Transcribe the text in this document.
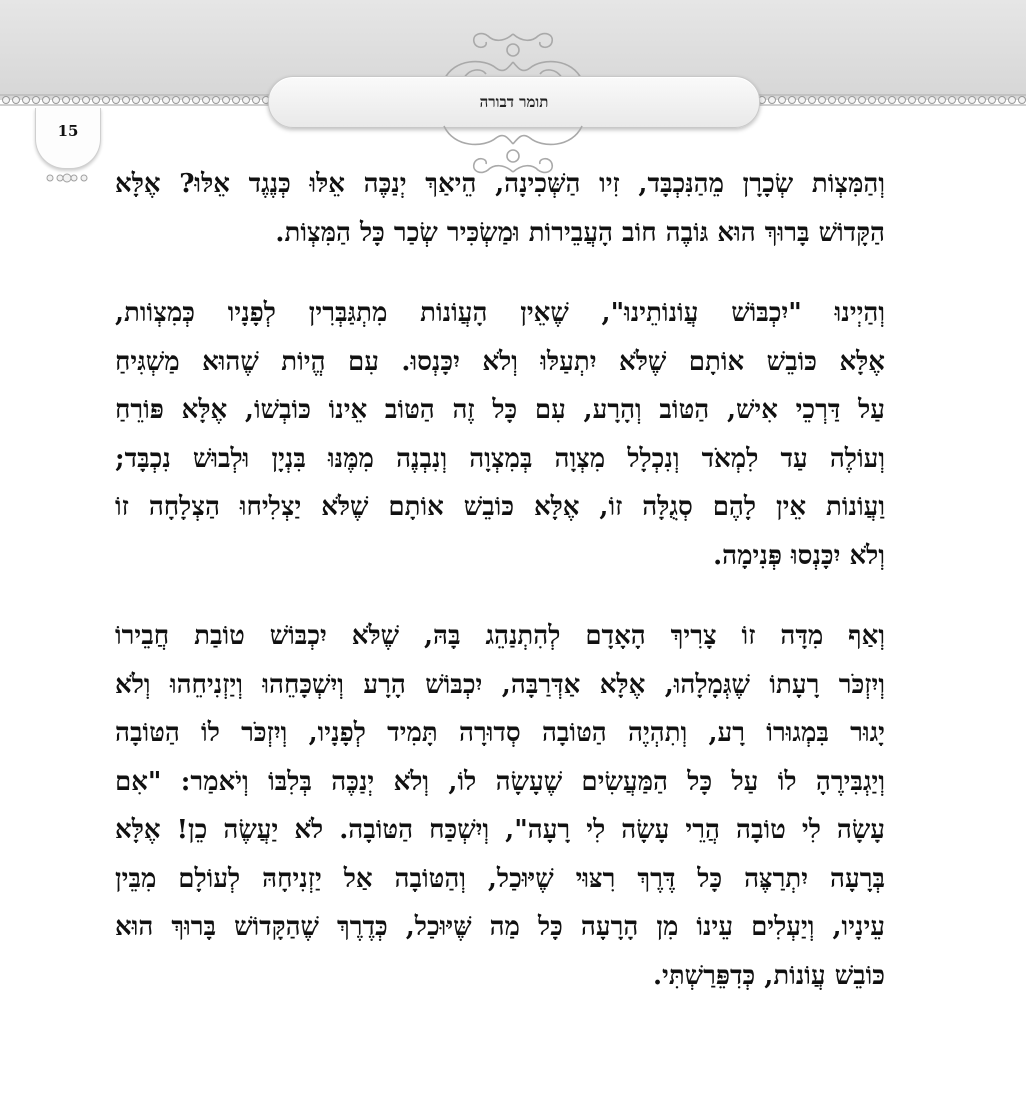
תומר דבורה
15

וְהַמִּצְוֹת שְׂכָרָן מֵהַנִּכְבָּד, זִיו הַשְּׁכִינָה, הֵיאַךְ יְנַכֶּה אֵלּוּ כְּנֶגֶד אֵלּוּ? אֶלָּא
הַקָּדוֹשׁ בָּרוּךְ הוּא גּוֹבֶה חוֹב הָעֲבֵירוֹת וּמַשְׂכִּיר שְׂכַר כָּל הַמִּצְוֹת.

וְהַיְינוּ "יִכְבּוֹשׁ עֲוֹנוֹתֵינוּ", שֶׁאֵין הָעֲוֹנוֹת מִתְגַּבְּרִין לְפָנָיו כְּמִצְוֹות,
אֶלָּא כּוֹבֵשׁ אוֹתָם שֶׁלֹּא יִתְעַלּוּ וְלֹא יִכָּנְסוּ. עִם הֱיוֹת שֶׁהוּא מַשְׁגִּיחַ
עַל דַּרְכֵי אִישׁ, הַטּוֹב וְהָרָע, עִם כָּל זֶה הַטּוֹב אֵינוֹ כּוֹבְשׁוֹ, אֶלָּא פּוֹרֵחַ
וְעוֹלֶה עַד לִמְאֹד וְנִכְלָל מִצְוָה בְּמִצְוָה וְנִבְנֶה מִמֶּנּוּ בִּנְיָן וּלְבוּשׁ נִכְבָּד;
וַעֲוֹנוֹת אֵין לָהֶם סְגֻלָּה זוֹ, אֶלָּא כּוֹבֵשׁ אוֹתָם שֶׁלֹּא יַצְלִיחוּ הַצְלָחָה זוֹ
וְלֹא יִכָּנְסוּ פְּנִימָה.

וְאַף מִדָּה זוֹ צָרִיךְ הָאָדָם לְהִתְנַהֵג בָּהּ, שֶׁלֹּא יִכְבּוֹשׁ טוֹבַת חֲבֵירוֹ
וְיִזְכֹּר רָעָתוֹ שֶׁגְּמָלָהוּ, אֶלָּא אַדְּרַבָּה, יִכְבּוֹשׁ הָרָע וְיִשְׁכָּחֵהוּ וְיַזְנִיחֵהוּ וְלֹא
יָגוּר בִּמְגוּרוֹ רָע, וְתִהְיֶה הַטּוֹבָה סְדוּרָה תָּמִיד לְפָנָיו, וְיִזְכֹּר לוֹ הַטּוֹבָה
וְיַגְבִּירֶהָ לוֹ עַל כָּל הַמַּעֲשִׂים שֶׁעָשָׂה לוֹ, וְלֹא יְנַכֶּה בְּלִבּוֹ וְיֹאמַר: "אִם
עָשָׂה לִי טוֹבָה הֲרֵי עָשָׂה לִי רָעָה", וְיִשְׁכַּח הַטּוֹבָה. לֹא יַעֲשֶׂה כֵן! אֶלָּא
בְּרָעָה יִתְרַצֶּה כָּל דֶּרֶךְ רִצּוּי שֶׁיּוּכַל, וְהַטּוֹבָה אַל יַזְנִיחָהּ לְעוֹלָם מִבֵּין
עֵינָיו, וְיַעְלִים עֵינוֹ מִן הָרָעָה כָּל מַה שֶּׁיּוּכַל, כְּדֶרֶךְ שֶׁהַקָּדוֹשׁ בָּרוּךְ הוּא
כּוֹבֵשׁ עֲוֹנוֹת, כְּדִפֵּרַשְׁתִּי.
